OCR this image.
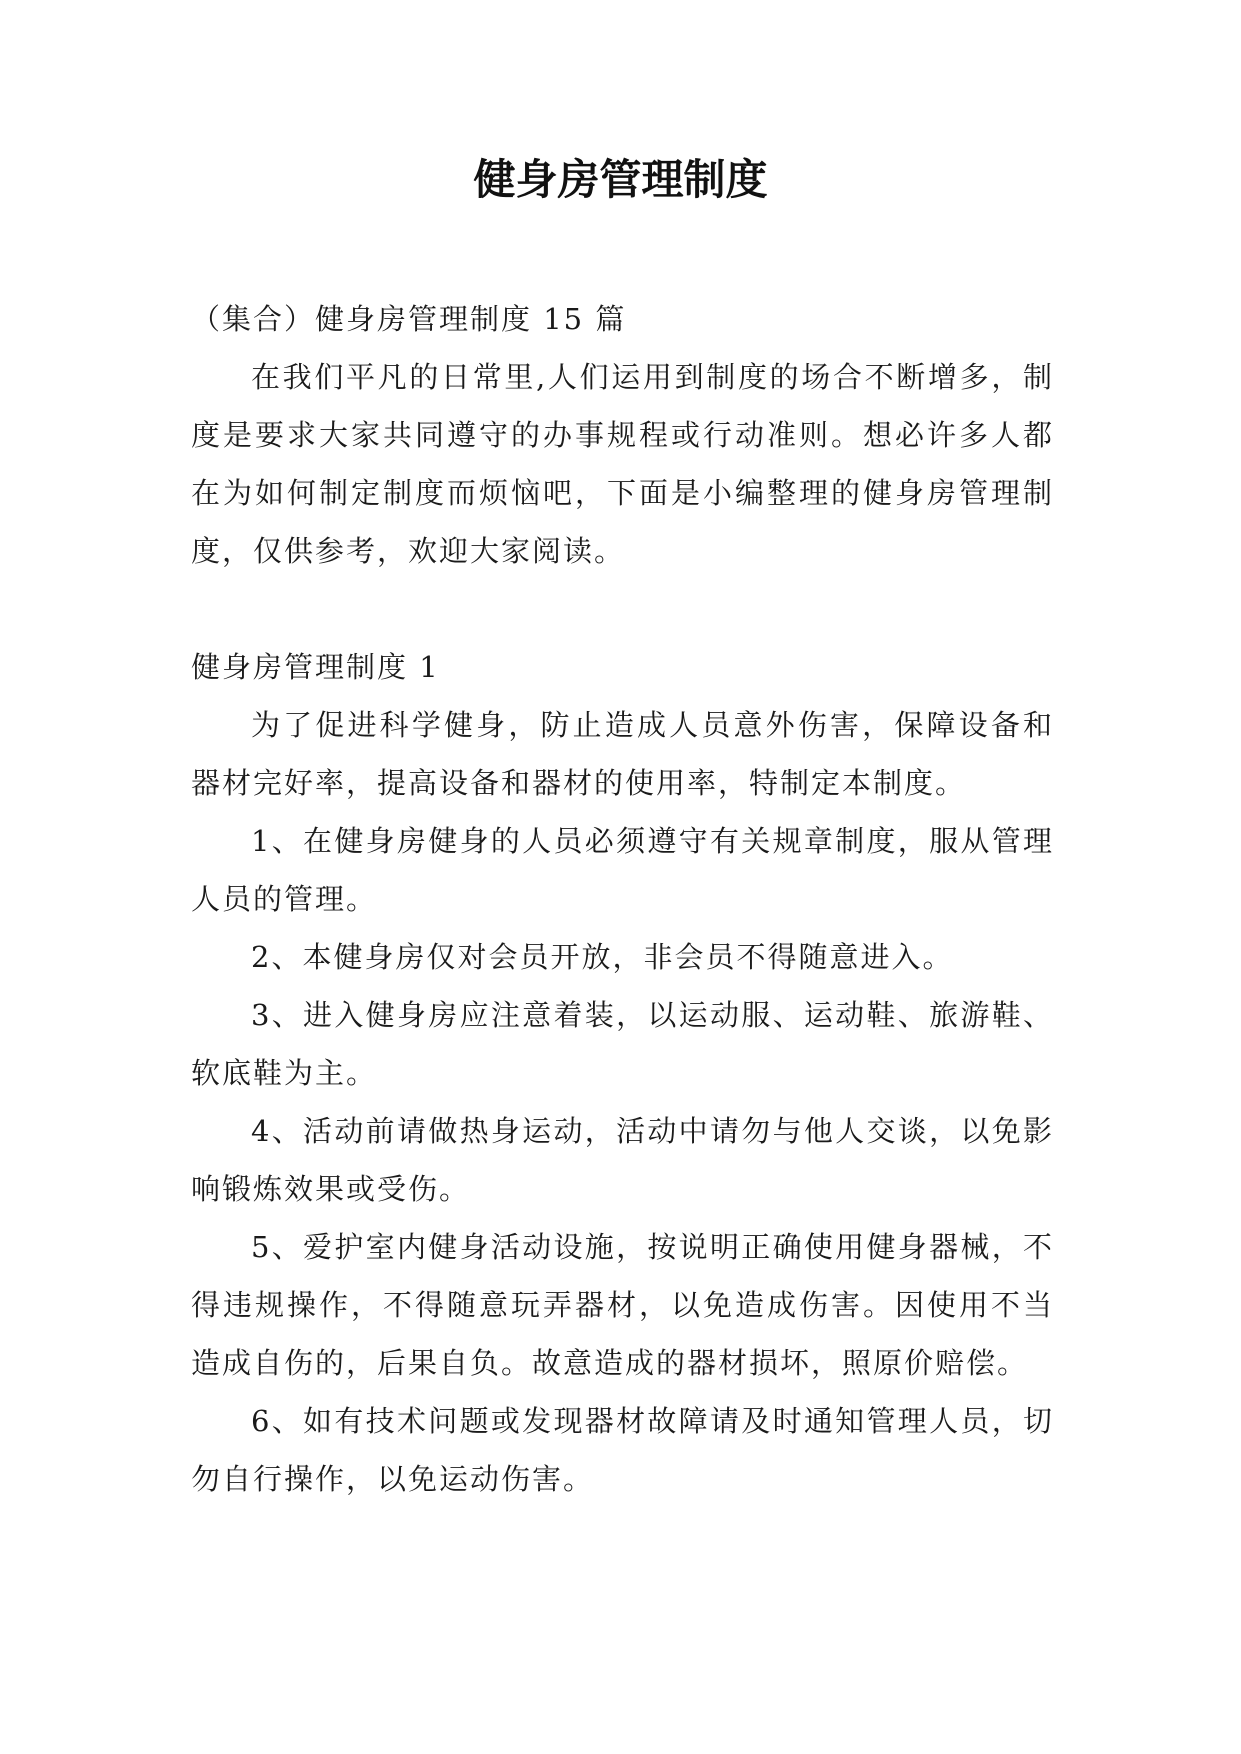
健身房管理制度

（集合）健身房管理制度 15 篇

在我们平凡的日常里,人们运用到制度的场合不断增多，制度是要求大家共同遵守的办事规程或行动准则。想必许多人都在为如何制定制度而烦恼吧，下面是小编整理的健身房管理制度，仅供参考，欢迎大家阅读。

健身房管理制度 1

为了促进科学健身，防止造成人员意外伤害，保障设备和器材完好率，提高设备和器材的使用率，特制定本制度。

1、在健身房健身的人员必须遵守有关规章制度，服从管理人员的管理。

2、本健身房仅对会员开放，非会员不得随意进入。

3、进入健身房应注意着装，以运动服、运动鞋、旅游鞋、软底鞋为主。

4、活动前请做热身运动，活动中请勿与他人交谈，以免影响锻炼效果或受伤。

5、爱护室内健身活动设施，按说明正确使用健身器械，不得违规操作，不得随意玩弄器材，以免造成伤害。因使用不当造成自伤的，后果自负。故意造成的器材损坏，照原价赔偿。

6、如有技术问题或发现器材故障请及时通知管理人员，切勿自行操作，以免运动伤害。
